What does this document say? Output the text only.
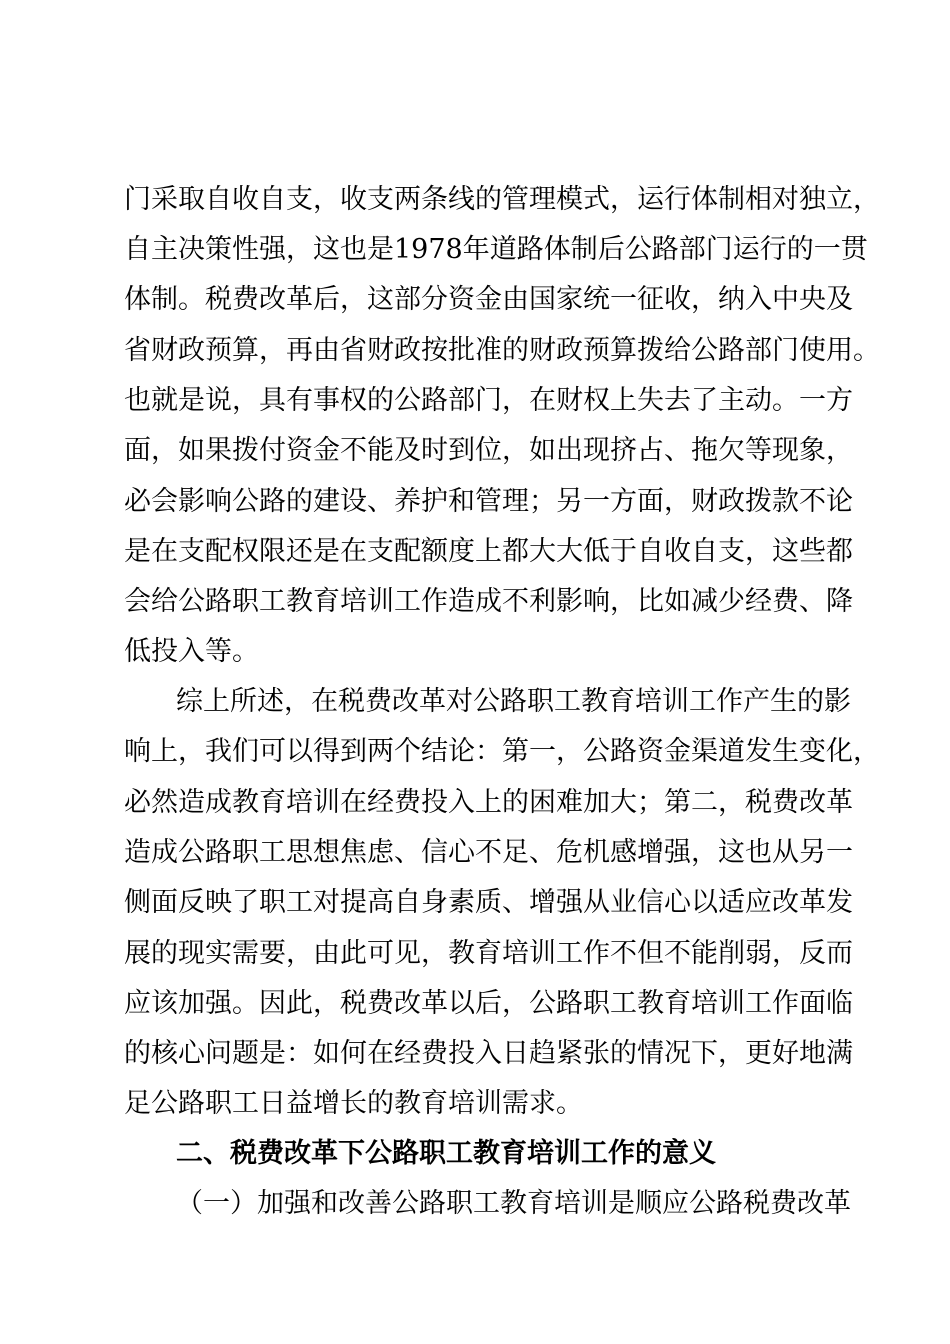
门采取自收自支，收支两条线的管理模式，运行体制相对独立，
自主决策性强，这也是1978年道路体制后公路部门运行的一贯
体制。税费改革后，这部分资金由国家统一征收，纳入中央及
省财政预算，再由省财政按批准的财政预算拨给公路部门使用。
也就是说，具有事权的公路部门，在财权上失去了主动。一方
面，如果拨付资金不能及时到位，如出现挤占、拖欠等现象，
必会影响公路的建设、养护和管理；另一方面，财政拨款不论
是在支配权限还是在支配额度上都大大低于自收自支，这些都
会给公路职工教育培训工作造成不利影响，比如减少经费、降
低投入等。
综上所述，在税费改革对公路职工教育培训工作产生的影
响上，我们可以得到两个结论：第一，公路资金渠道发生变化，
必然造成教育培训在经费投入上的困难加大；第二，税费改革
造成公路职工思想焦虑、信心不足、危机感增强，这也从另一
侧面反映了职工对提高自身素质、增强从业信心以适应改革发
展的现实需要，由此可见，教育培训工作不但不能削弱，反而
应该加强。因此，税费改革以后，公路职工教育培训工作面临
的核心问题是：如何在经费投入日趋紧张的情况下，更好地满
足公路职工日益增长的教育培训需求。
二、税费改革下公路职工教育培训工作的意义
（一）加强和改善公路职工教育培训是顺应公路税费改革
